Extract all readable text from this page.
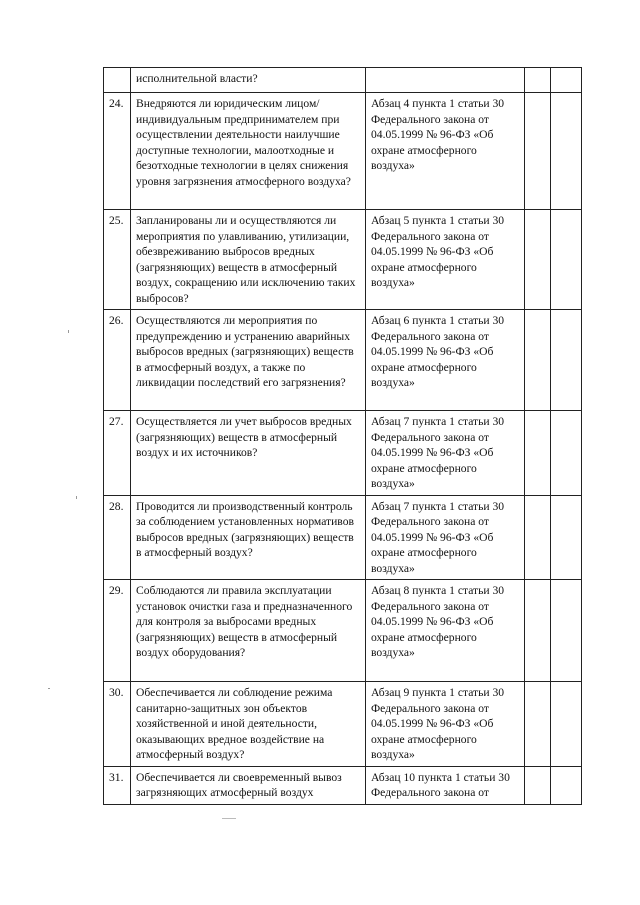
	исполнительной власти?			
24.	Внедряются ли юридическим лицом/индивидуальным предпринимателем при осуществлении деятельности наилучшие доступные технологии, малоотходные и безотходные технологии в целях снижения уровня загрязнения атмосферного воздуха?	Абзац 4 пункта 1 статьи 30 Федерального закона от 04.05.1999 № 96-ФЗ «Об охране атмосферного воздуха»		
25.	Запланированы ли и осуществляются ли мероприятия по улавливанию, утилизации, обезвреживанию выбросов вредных (загрязняющих) веществ в атмосферный воздух, сокращению или исключению таких выбросов?	Абзац 5 пункта 1 статьи 30 Федерального закона от 04.05.1999 № 96-ФЗ «Об охране атмосферного воздуха»		
26.	Осуществляются ли мероприятия по предупреждению и устранению аварийных выбросов вредных (загрязняющих) веществ в атмосферный воздух, а также по ликвидации последствий его загрязнения?	Абзац 6 пункта 1 статьи 30 Федерального закона от 04.05.1999 № 96-ФЗ «Об охране атмосферного воздуха»		
27.	Осуществляется ли учет выбросов вредных (загрязняющих) веществ в атмосферный воздух и их источников?	Абзац 7 пункта 1 статьи 30 Федерального закона от 04.05.1999 № 96-ФЗ «Об охране атмосферного воздуха»		
28.	Проводится ли производственный контроль за соблюдением установленных нормативов выбросов вредных (загрязняющих) веществ в атмосферный воздух?	Абзац 7 пункта 1 статьи 30 Федерального закона от 04.05.1999 № 96-ФЗ «Об охране атмосферного воздуха»		
29.	Соблюдаются ли правила эксплуатации установок очистки газа и предназначенного для контроля за выбросами вредных (загрязняющих) веществ в атмосферный воздух оборудования?	Абзац 8 пункта 1 статьи 30 Федерального закона от 04.05.1999 № 96-ФЗ «Об охране атмосферного воздуха»		
30.	Обеспечивается ли соблюдение режима санитарно-защитных зон объектов хозяйственной и иной деятельности, оказывающих вредное воздействие на атмосферный воздух?	Абзац 9 пункта 1 статьи 30 Федерального закона от 04.05.1999 № 96-ФЗ «Об охране атмосферного воздуха»		
31.	Обеспечивается ли своевременный вывоз загрязняющих атмосферный воздух	Абзац 10 пункта 1 статьи 30 Федерального закона от		
